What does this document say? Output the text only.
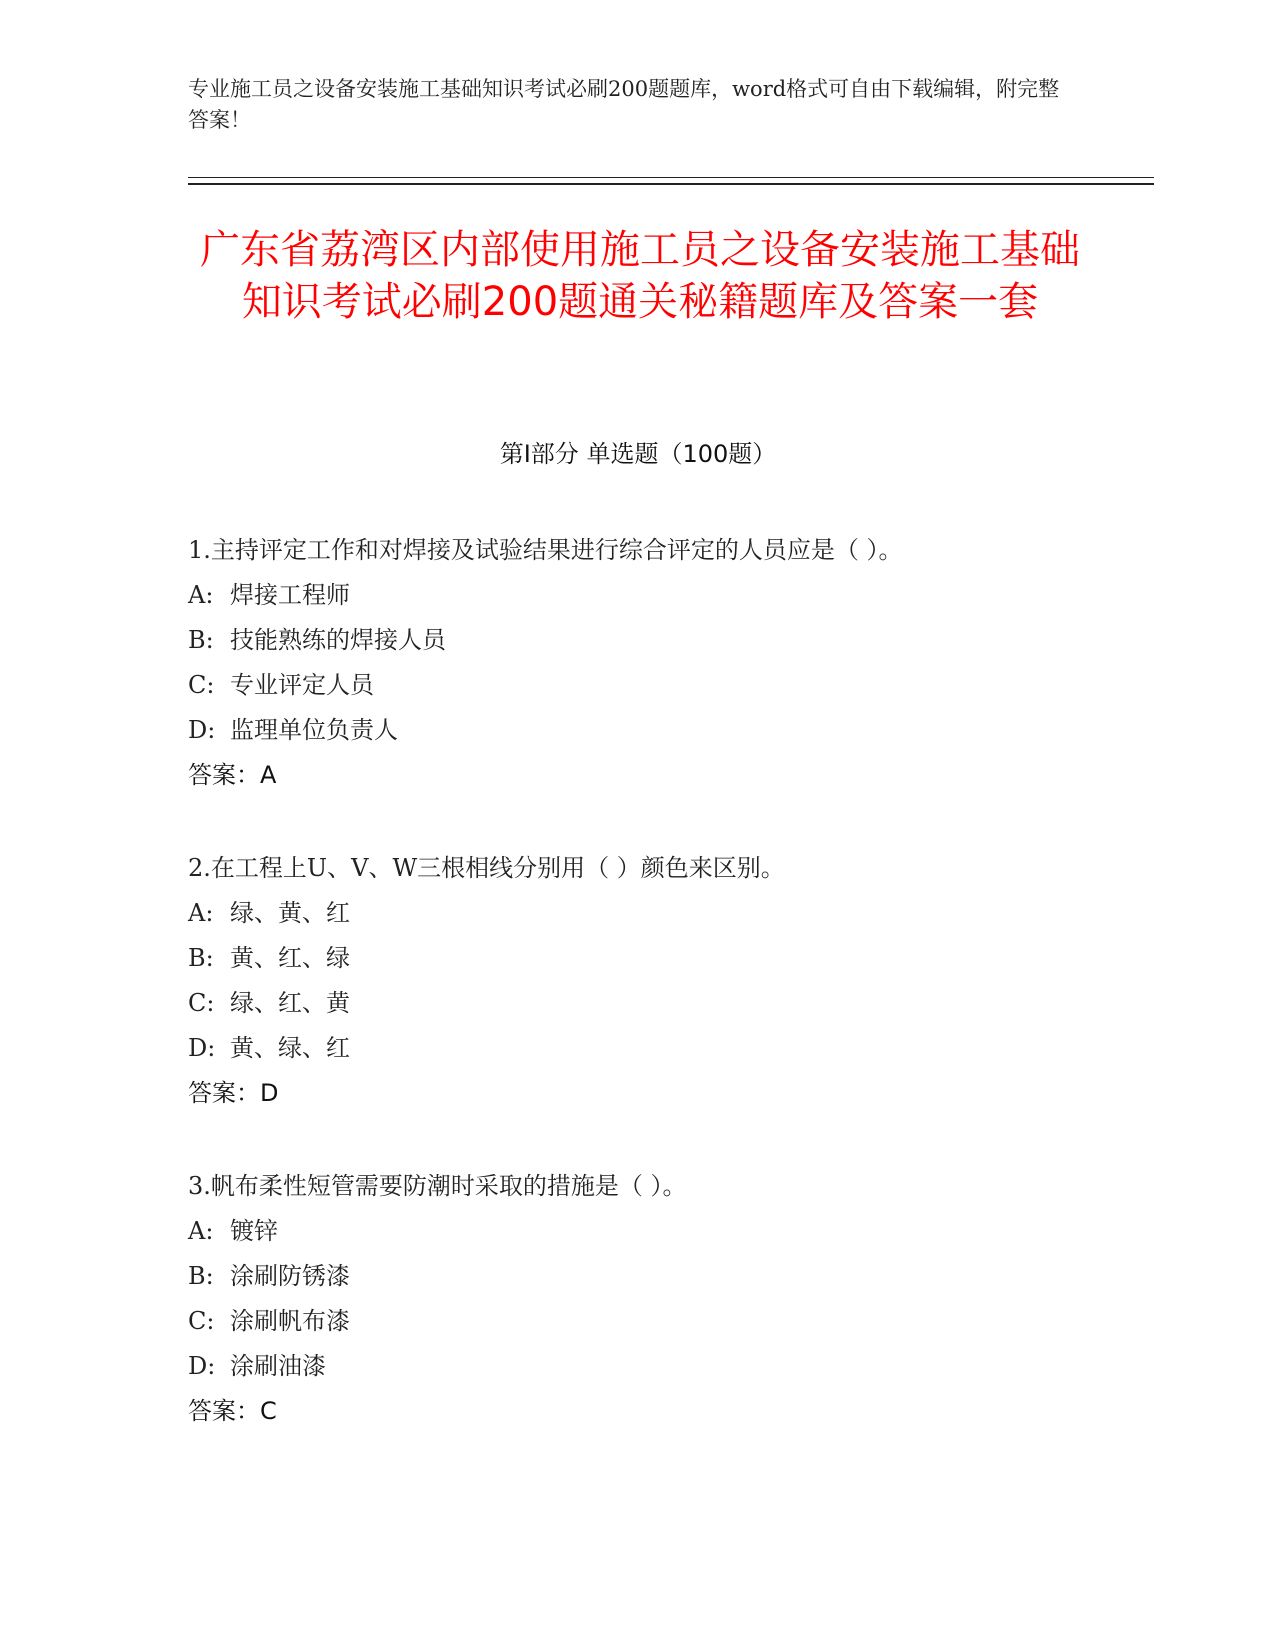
专业施工员之设备安装施工基础知识考试必刷200题题库，word格式可自由下载编辑，附完整答案！
广东省荔湾区内部使用施工员之设备安装施工基础知识考试必刷200题通关秘籍题库及答案一套
第I部分 单选题（100题）
1.主持评定工作和对焊接及试验结果进行综合评定的人员应是（ ）。
A: 焊接工程师
B: 技能熟练的焊接人员
C: 专业评定人员
D: 监理单位负责人
答案：A
2.在工程上U、V、W三根相线分别用（ ）颜色来区别。
A: 绿、黄、红
B: 黄、红、绿
C: 绿、红、黄
D: 黄、绿、红
答案：D
3.帆布柔性短管需要防潮时采取的措施是（ ）。
A: 镀锌
B: 涂刷防锈漆
C: 涂刷帆布漆
D: 涂刷油漆
答案：C
